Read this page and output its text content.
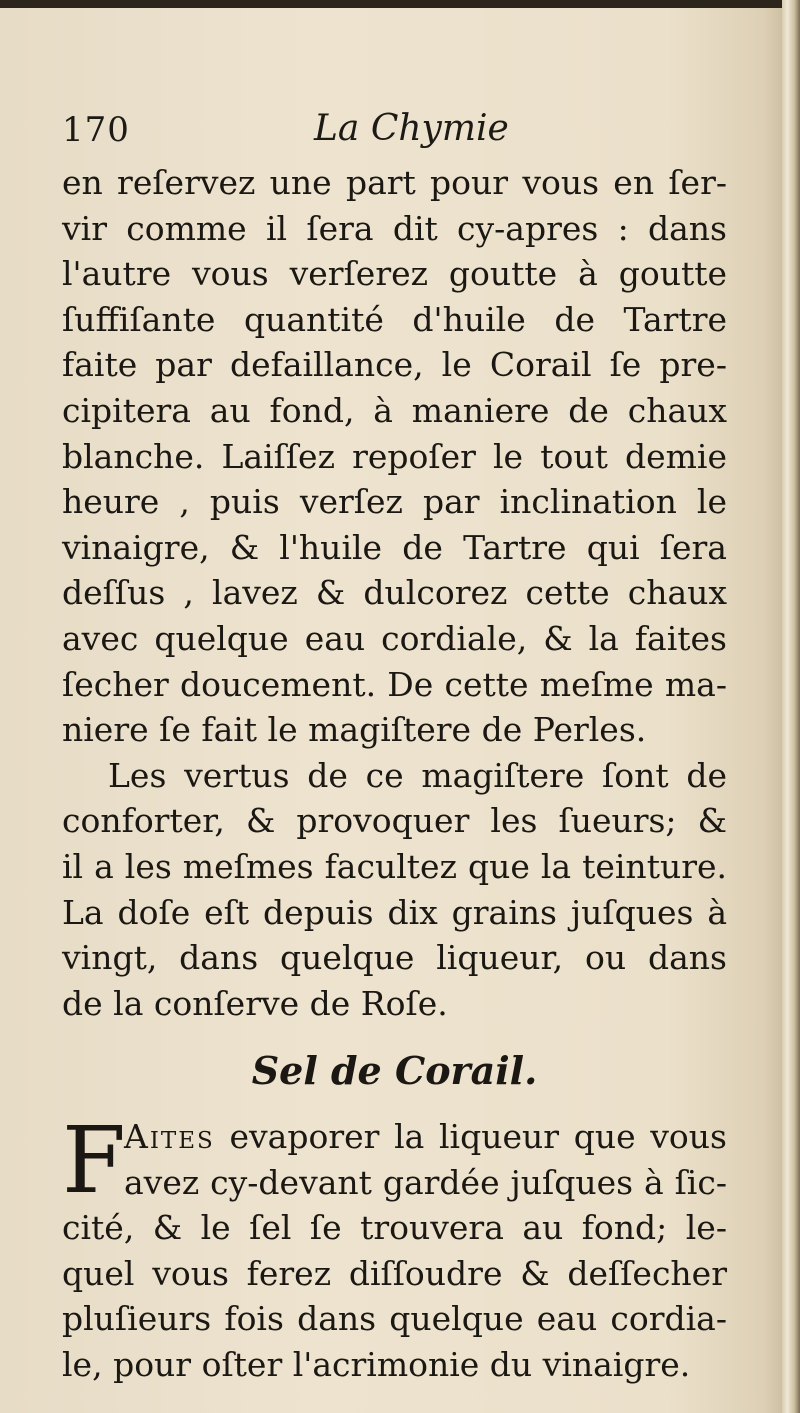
170	La Chymie
en reſervez une part pour vous en ſer-
vir comme il ſera dit cy-apres : dans
l'autre vous verſerez goutte à goutte
ſuffiſante quantité d'huile de Tartre
faite par defaillance, le Corail ſe pre-
cipitera au fond, à maniere de chaux
blanche. Laiſſez repoſer le tout demie
heure , puis verſez par inclination le
vinaigre, & l'huile de Tartre qui ſera
deſſus , lavez & dulcorez cette chaux
avec quelque eau cordiale, & la faites
ſecher doucement. De cette meſme ma-
niere ſe fait le magiſtere de Perles.
Les vertus de ce magiſtere ſont de
conforter, & provoquer les ſueurs; &
il a les meſmes facultez que la teinture.
La doſe eſt depuis dix grains juſques à
vingt, dans quelque liqueur, ou dans
de la conſerve de Roſe.
Sel de Corail.
F
Aites evaporer la liqueur que vous
avez cy-devant gardée juſques à ſic-
cité, & le ſel ſe trouvera au fond; le-
quel vous ferez diſſoudre & deſſecher
pluſieurs fois dans quelque eau cordia-
le, pour oſter l'acrimonie du vinaigre.
